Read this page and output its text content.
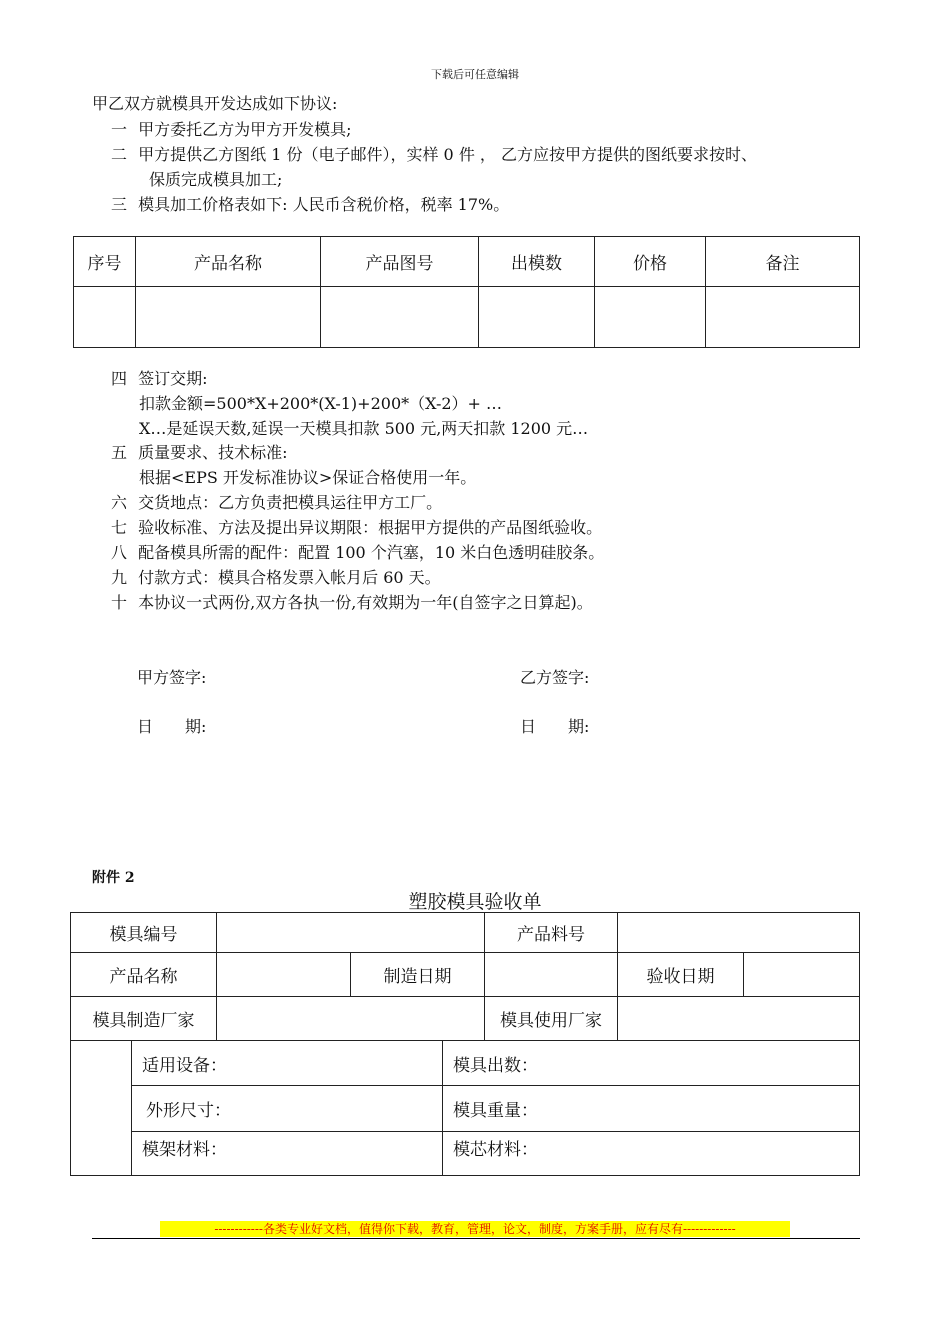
下载后可任意编辑
甲乙双方就模具开发达成如下协议:
一 甲方委托乙方为甲方开发模具;
二 甲方提供乙方图纸 1 份（电子邮件），实样 0 件 ， 乙方应按甲方提供的图纸要求按时、
保质完成模具加工;
三 模具加工价格表如下: 人民币含税价格，税率 17%。
序号	产品名称	产品图号	出模数	价格	备注

四 签订交期:
扣款金额=500*X+200*(X-1)+200*（X-2）+ …
X…是延误天数,延误一天模具扣款 500 元,两天扣款 1200 元…
五 质量要求、技术标准:
根据<EPS 开发标准协议>保证合格使用一年。
六 交货地点：乙方负责把模具运往甲方工厂。
七 验收标准、方法及提出异议期限：根据甲方提供的产品图纸验收。
八 配备模具所需的配件：配置 100 个汽塞，10 米白色透明硅胶条。
九 付款方式：模具合格发票入帐月后 60 天。
十 本协议一式两份,双方各执一份,有效期为一年(自签字之日算起)。
甲方签字:	乙方签字:
日　　期:	日　　期:
附件 2
塑胶模具验收单
模具编号					产品料号		
产品名称			制造日期			验收日期	
模具制造厂家					模具使用厂家		
	适用设备：			模具出数：			
	外形尺寸：			模具重量：			
	模架材料：			模芯材料：			
------------各类专业好文档，值得你下载，教育，管理，论文，制度，方案手册，应有尽有-------------
